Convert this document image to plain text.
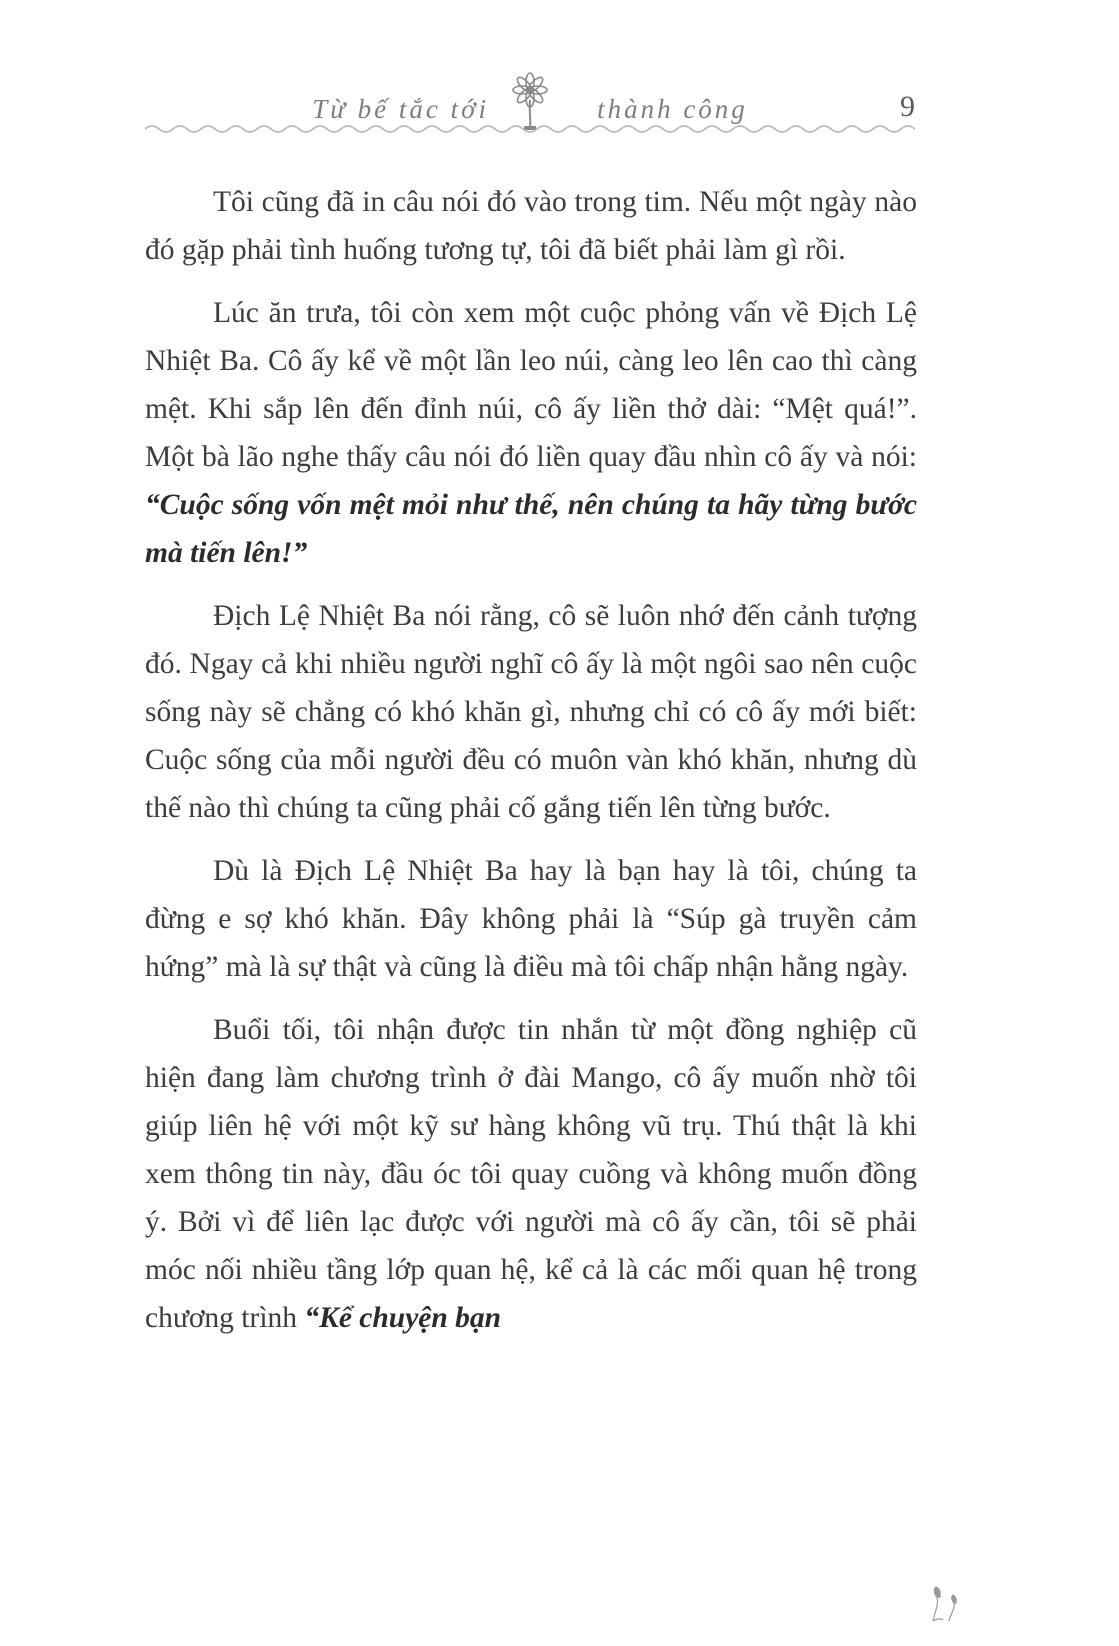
Từ bế tắc tới	thành công	9

Tôi cũng đã in câu nói đó vào trong tim. Nếu một ngày nào đó gặp phải tình huống tương tự, tôi đã biết phải làm gì rồi.

Lúc ăn trưa, tôi còn xem một cuộc phỏng vấn về Địch Lệ Nhiệt Ba. Cô ấy kể về một lần leo núi, càng leo lên cao thì càng mệt. Khi sắp lên đến đỉnh núi, cô ấy liền thở dài: “Mệt quá!”. Một bà lão nghe thấy câu nói đó liền quay đầu nhìn cô ấy và nói: “Cuộc sống vốn mệt mỏi như thế, nên chúng ta hãy từng bước mà tiến lên!”

Địch Lệ Nhiệt Ba nói rằng, cô sẽ luôn nhớ đến cảnh tượng đó. Ngay cả khi nhiều người nghĩ cô ấy là một ngôi sao nên cuộc sống này sẽ chẳng có khó khăn gì, nhưng chỉ có cô ấy mới biết: Cuộc sống của mỗi người đều có muôn vàn khó khăn, nhưng dù thế nào thì chúng ta cũng phải cố gắng tiến lên từng bước.

Dù là Địch Lệ Nhiệt Ba hay là bạn hay là tôi, chúng ta đừng e sợ khó khăn. Đây không phải là “Súp gà truyền cảm hứng” mà là sự thật và cũng là điều mà tôi chấp nhận hằng ngày.

Buổi tối, tôi nhận được tin nhắn từ một đồng nghiệp cũ hiện đang làm chương trình ở đài Mango, cô ấy muốn nhờ tôi giúp liên hệ với một kỹ sư hàng không vũ trụ. Thú thật là khi xem thông tin này, đầu óc tôi quay cuồng và không muốn đồng ý. Bởi vì để liên lạc được với người mà cô ấy cần, tôi sẽ phải móc nối nhiều tầng lớp quan hệ, kể cả là các mối quan hệ trong chương trình “Kể chuyện bạn
